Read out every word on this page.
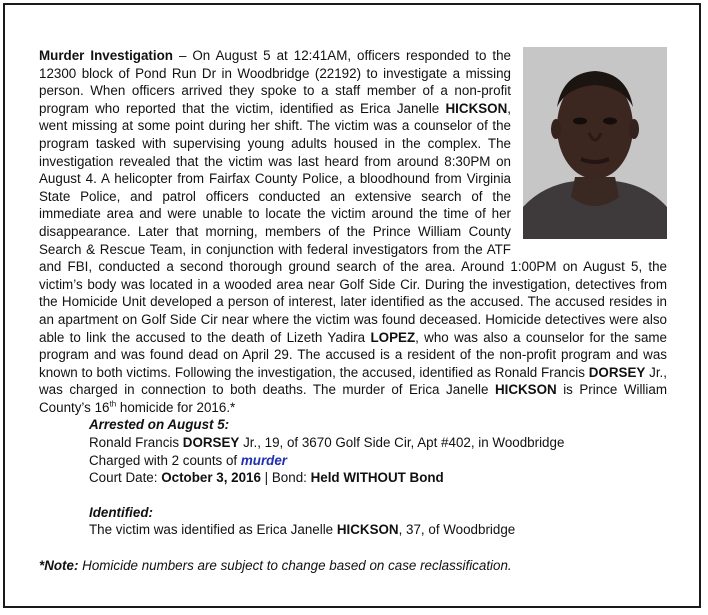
Murder Investigation – On August 5 at 12:41AM, officers responded to the 12300 block of Pond Run Dr in Woodbridge (22192) to investigate a missing person. When officers arrived they spoke to a staff member of a non-profit program who reported that the victim, identified as Erica Janelle HICKSON, went missing at some point during her shift. The victim was a counselor of the program tasked with supervising young adults housed in the complex. The investigation revealed that the victim was last heard from around 8:30PM on August 4. A helicopter from Fairfax County Police, a bloodhound from Virginia State Police, and patrol officers conducted an extensive search of the immediate area and were unable to locate the victim around the time of her disappearance. Later that morning, members of the Prince William County Search & Rescue Team, in conjunction with federal investigators from the ATF and FBI, conducted a second thorough ground search of the area. Around 1:00PM on August 5, the victim’s body was located in a wooded area near Golf Side Cir. During the investigation, detectives from the Homicide Unit developed a person of interest, later identified as the accused. The accused resides in an apartment on Golf Side Cir near where the victim was found deceased. Homicide detectives were also able to link the accused to the death of Lizeth Yadira LOPEZ, who was also a counselor for the same program and was found dead on April 29. The accused is a resident of the non-profit program and was known to both victims. Following the investigation, the accused, identified as Ronald Francis DORSEY Jr., was charged in connection to both deaths. The murder of Erica Janelle HICKSON is Prince William County’s 16th homicide for 2016.*
Arrested on August 5:
Ronald Francis DORSEY Jr., 19, of 3670 Golf Side Cir, Apt #402, in Woodbridge
Charged with 2 counts of murder
Court Date: October 3, 2016 | Bond: Held WITHOUT Bond
Identified:
The victim was identified as Erica Janelle HICKSON, 37, of Woodbridge
*Note: Homicide numbers are subject to change based on case reclassification.
